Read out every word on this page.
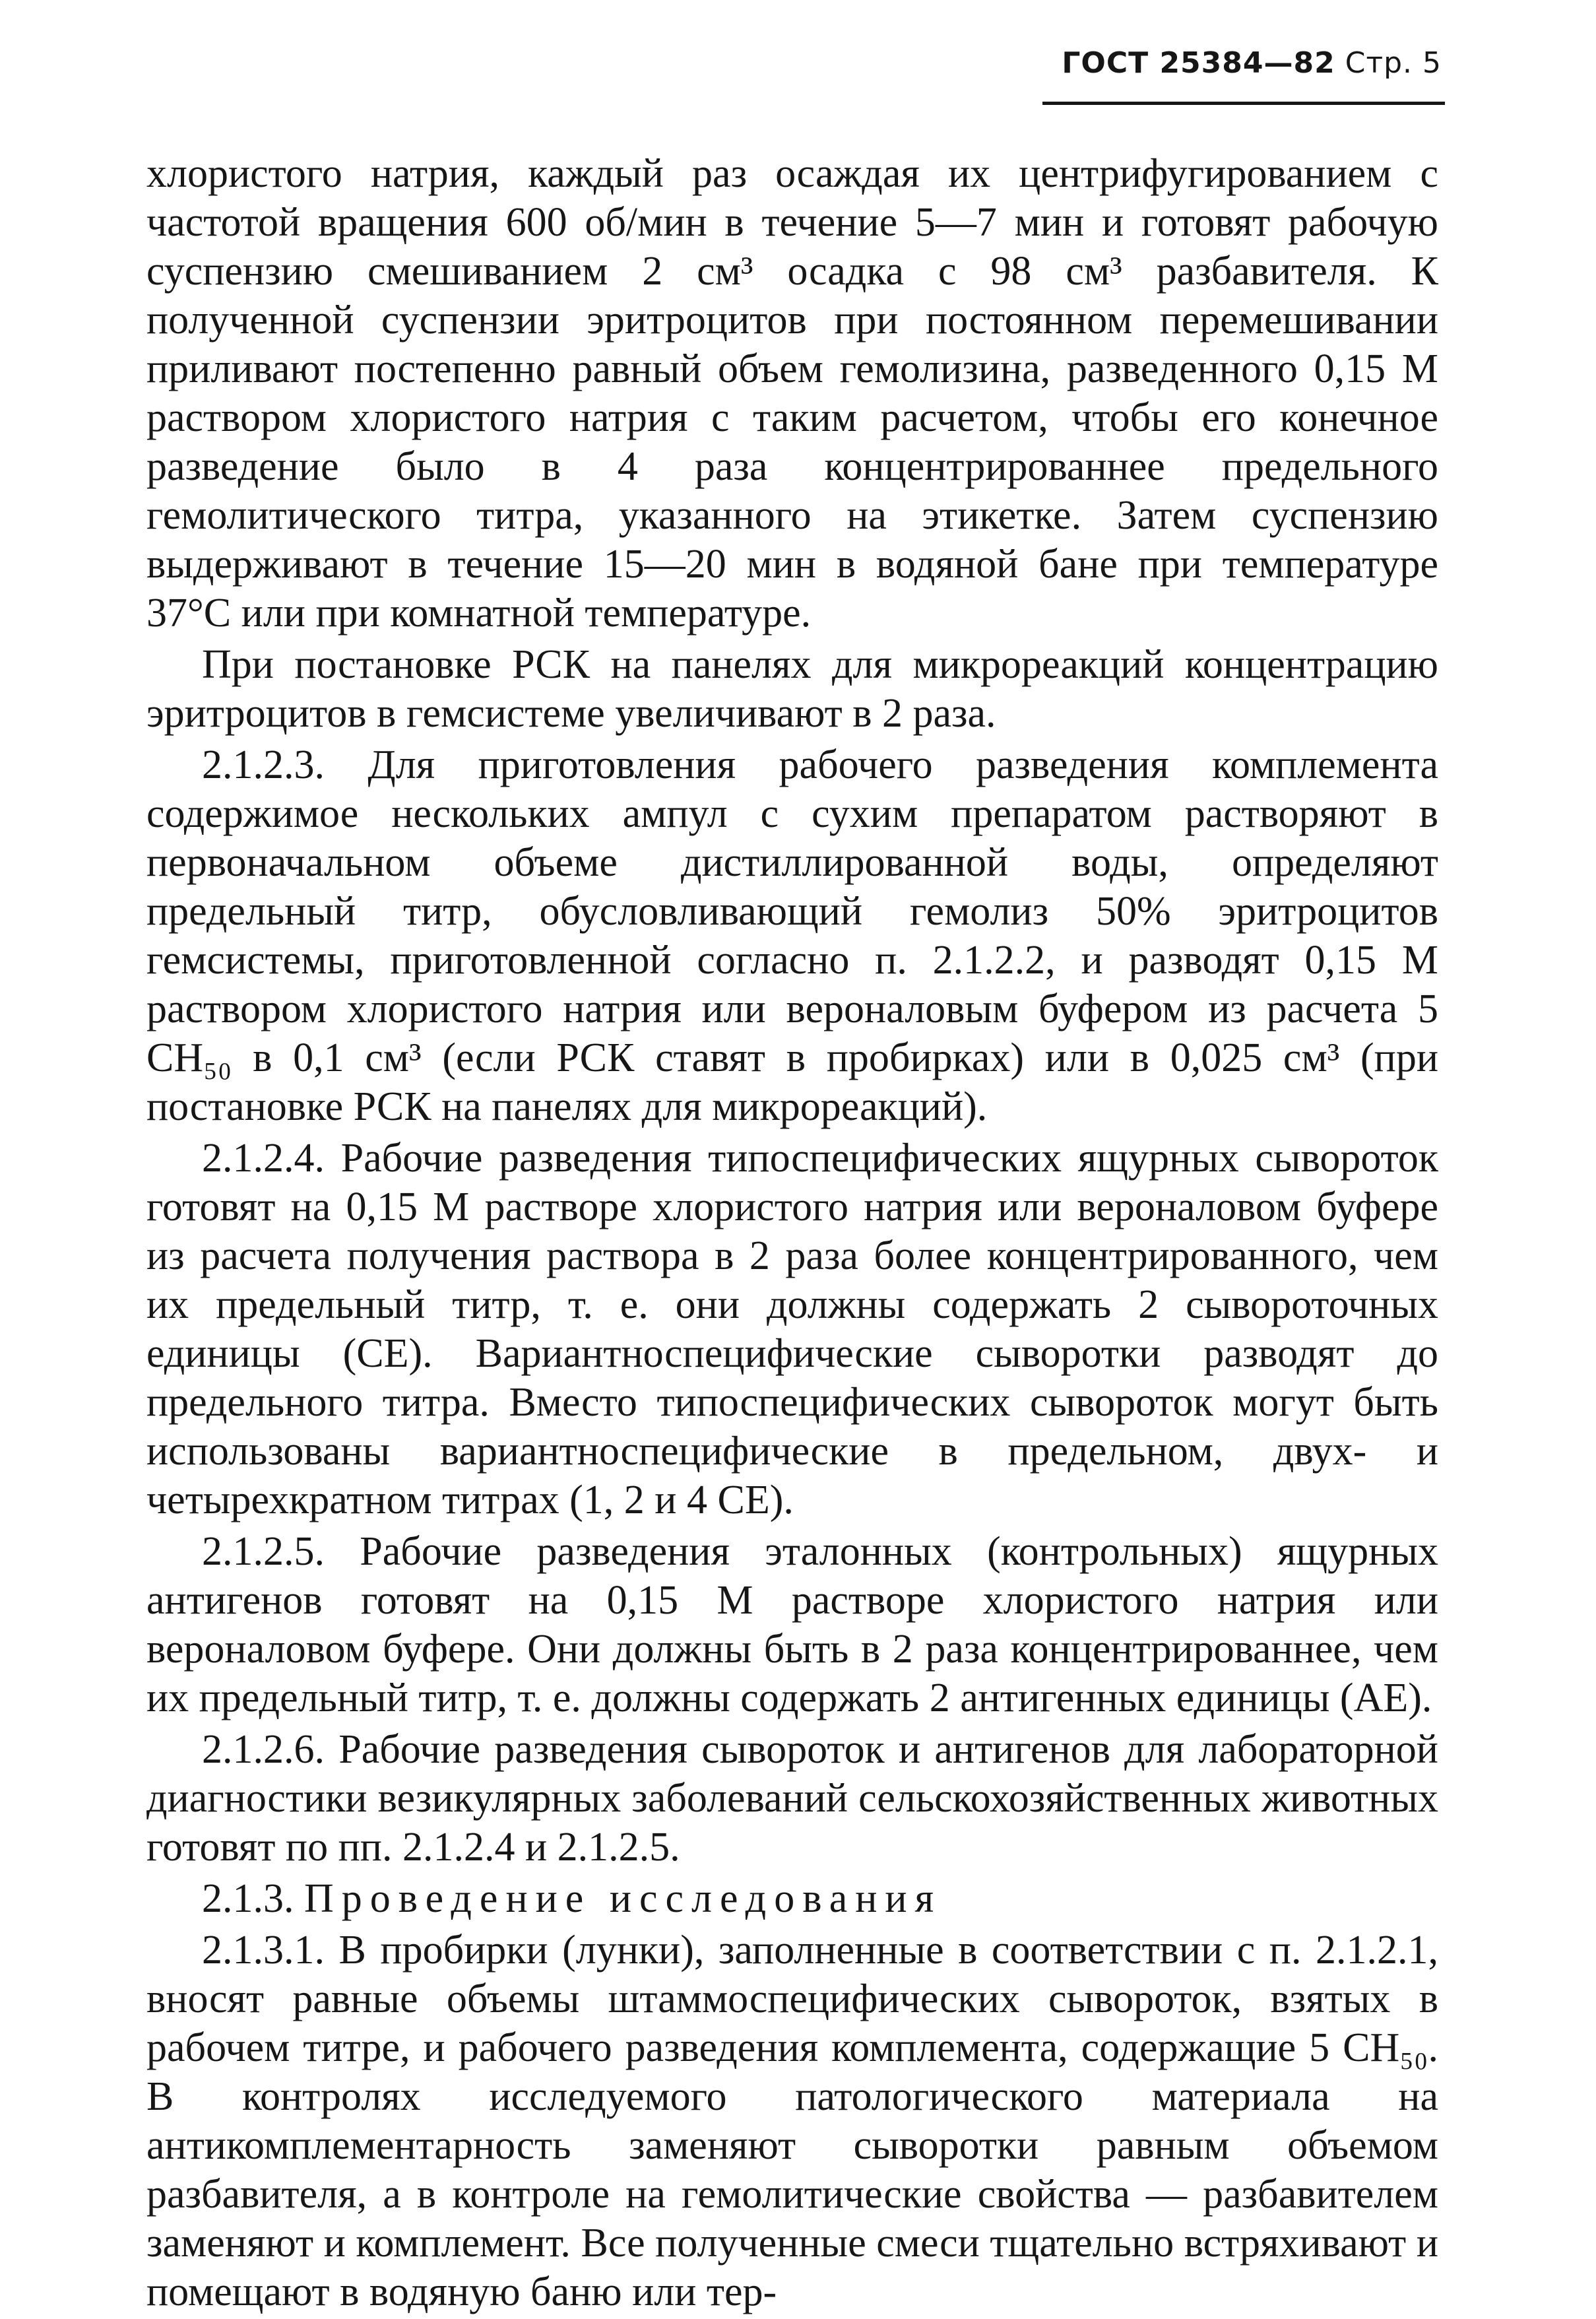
ГОСТ 25384—82 Стр. 5

хлористого натрия, каждый раз осаждая их центрифугированием с частотой вращения 600 об/мин в течение 5—7 мин и готовят рабочую суспензию смешиванием 2 см³ осадка с 98 см³ разбавителя. К полученной суспензии эритроцитов при постоянном перемешивании приливают постепенно равный объем гемолизина, разведенного 0,15 М раствором хлористого натрия с таким расчетом, чтобы его конечное разведение было в 4 раза концентрированнее предельного гемолитического титра, указанного на этикетке. Затем суспензию выдерживают в течение 15—20 мин в водяной бане при температуре 37°С или при комнатной температуре.

При постановке РСК на панелях для микрореакций концентрацию эритроцитов в гемсистеме увеличивают в 2 раза.

2.1.2.3. Для приготовления рабочего разведения комплемента содержимое нескольких ампул с сухим препаратом растворяют в первоначальном объеме дистиллированной воды, определяют предельный титр, обусловливающий гемолиз 50% эритроцитов гемсистемы, приготовленной согласно п. 2.1.2.2, и разводят 0,15 М раствором хлористого натрия или вероналовым буфером из расчета 5 СН₅₀ в 0,1 см³ (если РСК ставят в пробирках) или в 0,025 см³ (при постановке РСК на панелях для микрореакций).

2.1.2.4. Рабочие разведения типоспецифических ящурных сывороток готовят на 0,15 М растворе хлористого натрия или вероналовом буфере из расчета получения раствора в 2 раза более концентрированного, чем их предельный титр, т. е. они должны содержать 2 сывороточных единицы (СЕ). Вариантноспецифические сыворотки разводят до предельного титра. Вместо типоспецифических сывороток могут быть использованы вариантноспецифические в предельном, двух- и четырехкратном титрах (1, 2 и 4 СЕ).

2.1.2.5. Рабочие разведения эталонных (контрольных) ящурных антигенов готовят на 0,15 М растворе хлористого натрия или вероналовом буфере. Они должны быть в 2 раза концентрированнее, чем их предельный титр, т. е. должны содержать 2 антигенных единицы (АЕ).

2.1.2.6. Рабочие разведения сывороток и антигенов для лабораторной диагностики везикулярных заболеваний сельскохозяйственных животных готовят по пп. 2.1.2.4 и 2.1.2.5.

2.1.3. Проведение исследования

2.1.3.1. В пробирки (лунки), заполненные в соответствии с п. 2.1.2.1, вносят равные объемы штаммоспецифических сывороток, взятых в рабочем титре, и рабочего разведения комплемента, содержащие 5 СН₅₀. В контролях исследуемого патологического материала на антикомплементарность заменяют сыворотки равным объемом разбавителя, а в контроле на гемолитические свойства — разбавителем заменяют и комплемент. Все полученные смеси тщательно встряхивают и помещают в водяную баню или тер-
